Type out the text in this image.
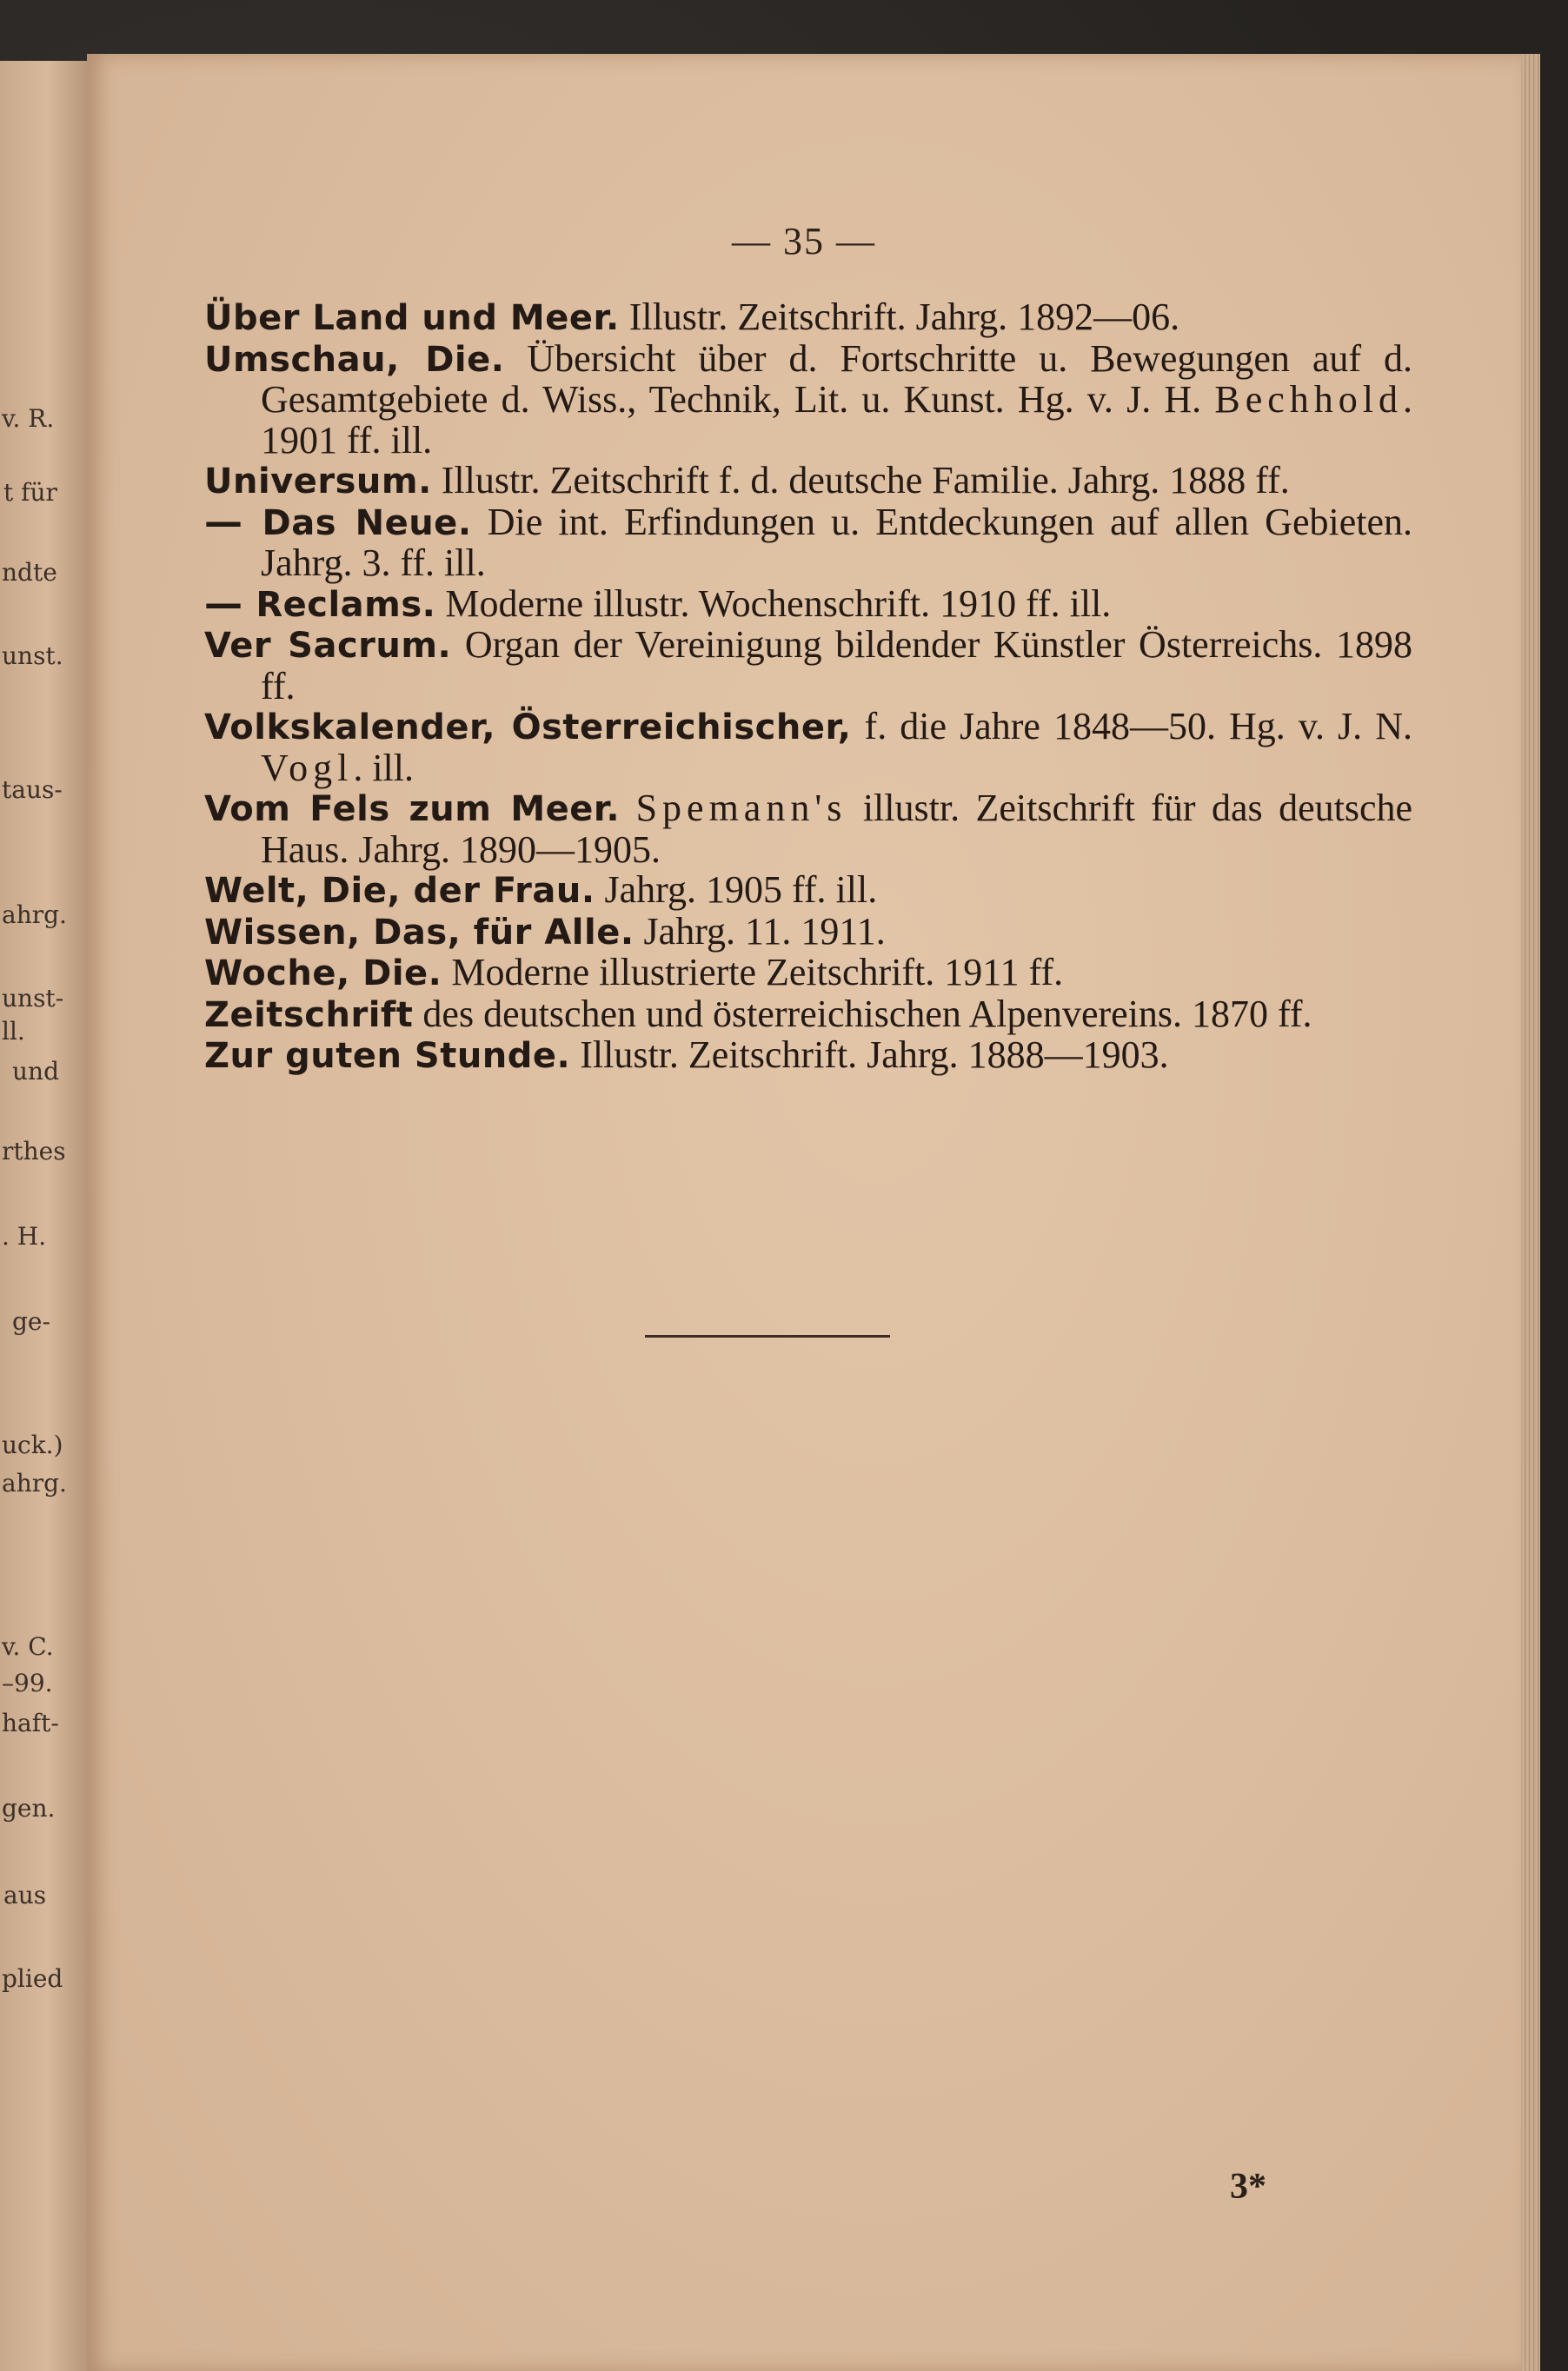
v. R.
t für
ndte
unst.
taus-
ahrg.
unst-
ll.
und
rthes
. H.
ge-
uck.)
ahrg.
v. C.
–99.
haft-
gen.
aus
plied
— 35 —

Über Land und Meer. Illustr. Zeitschrift. Jahrg. 1892—06.

Umschau, Die. Übersicht über d. Fortschritte u. Bewegungen auf d. Gesamtgebiete d. Wiss., Technik, Lit. u. Kunst. Hg. v. J. H. Bechhold. 1901 ff. ill.

Universum. Illustr. Zeitschrift f. d. deutsche Familie. Jahrg. 1888 ff.

— Das Neue. Die int. Erfindungen u. Entdeckungen auf allen Gebieten. Jahrg. 3. ff. ill.

— Reclams. Moderne illustr. Wochenschrift. 1910 ff. ill.

Ver Sacrum. Organ der Vereinigung bildender Künstler Österreichs. 1898 ff.

Volkskalender, Österreichischer, f. die Jahre 1848—50. Hg. v. J. N. Vogl. ill.

Vom Fels zum Meer. Spemann's illustr. Zeitschrift für das deutsche Haus. Jahrg. 1890—1905.

Welt, Die, der Frau. Jahrg. 1905 ff. ill.

Wissen, Das, für Alle. Jahrg. 11. 1911.

Woche, Die. Moderne illustrierte Zeitschrift. 1911 ff.

Zeitschrift des deutschen und österreichischen Alpenvereins. 1870 ff.

Zur guten Stunde. Illustr. Zeitschrift. Jahrg. 1888—1903.

3*
